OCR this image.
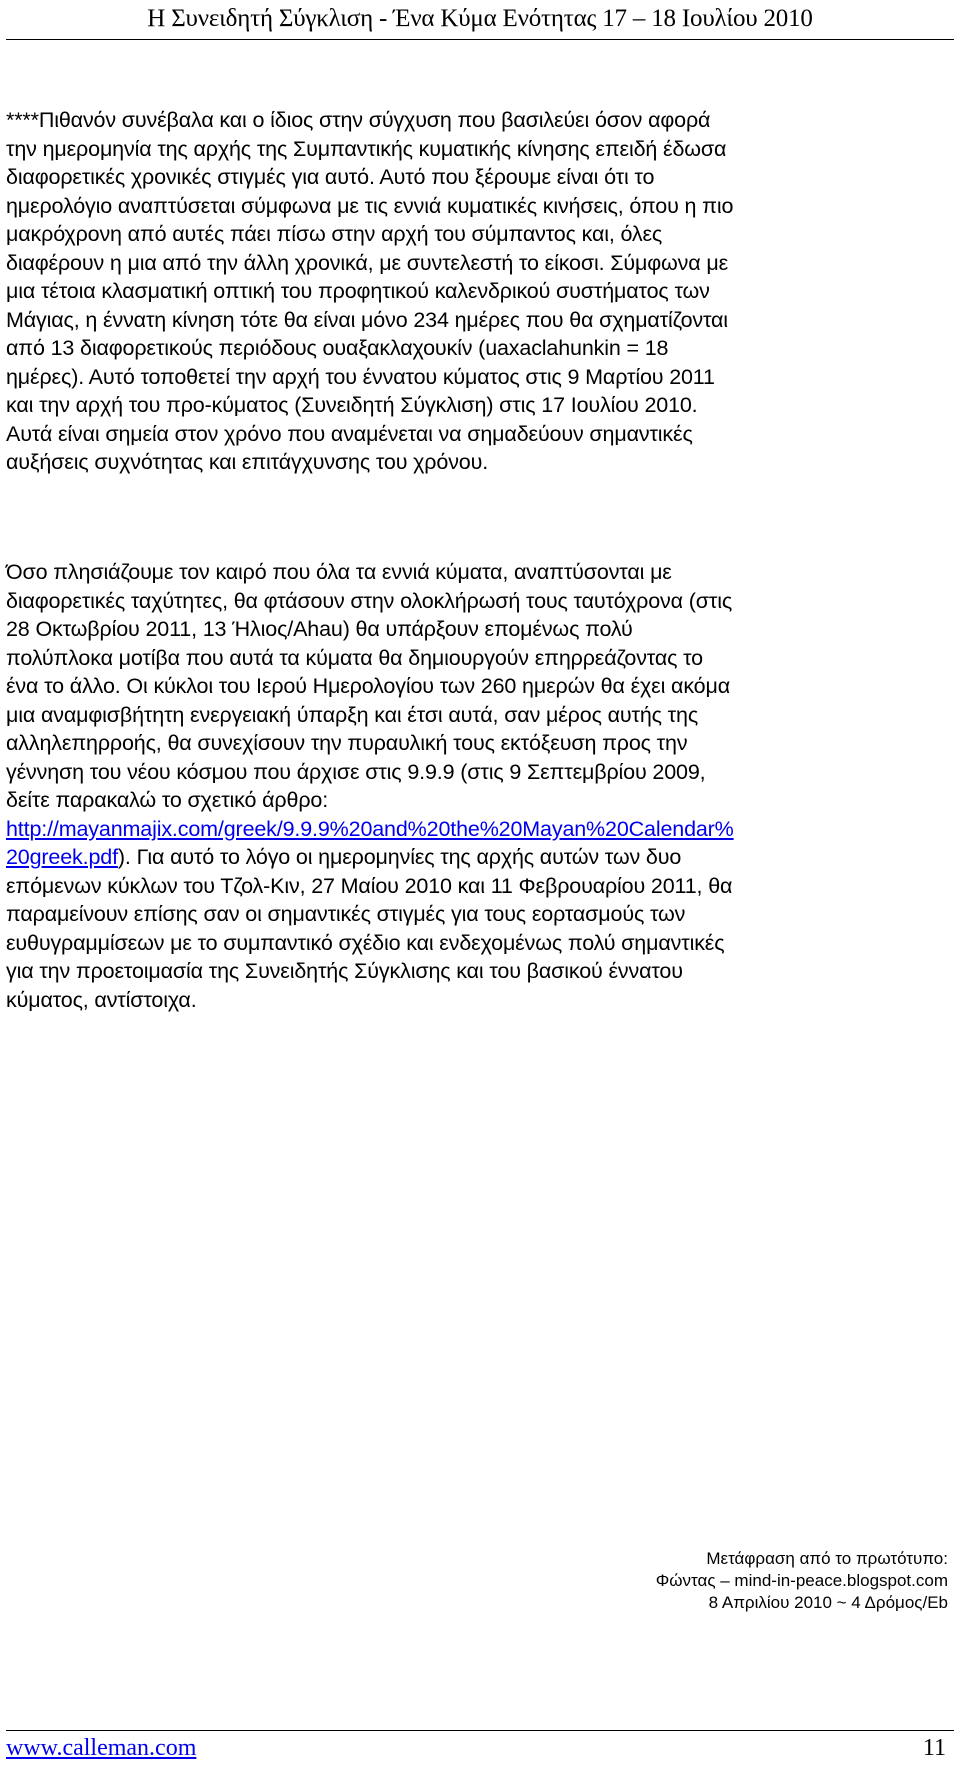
Η Συνειδητή Σύγκλιση - Ένα Κύμα Ενότητας 17 – 18 Ιουλίου 2010
****Πιθανόν συνέβαλα και ο ίδιος στην σύγχυση που βασιλεύει όσον αφορά
την ημερομηνία της αρχής της Συμπαντικής κυματικής κίνησης επειδή έδωσα
διαφορετικές χρονικές στιγμές για αυτό. Αυτό που ξέρουμε είναι ότι το
ημερολόγιο αναπτύσεται σύμφωνα με τις εννιά κυματικές κινήσεις, όπου η πιο
μακρόχρονη από αυτές πάει πίσω στην αρχή του σύμπαντος και, όλες
διαφέρουν η μια από την άλλη χρονικά, με συντελεστή το είκοσι. Σύμφωνα με
μια τέτοια κλασματική οπτική του προφητικού καλενδρικού συστήματος των
Μάγιας, η έννατη κίνηση τότε θα είναι μόνο 234 ημέρες που θα σχηματίζονται
από 13 διαφορετικούς περιόδους ουαξακλαχουκίν (uaxaclahunkin = 18
ημέρες). Αυτό τοποθετεί την αρχή του έννατου κύματος στις 9 Μαρτίου 2011
και την αρχή του προ-κύματος (Συνειδητή Σύγκλιση) στις 17 Ιουλίου 2010.
Αυτά είναι σημεία στον χρόνο που αναμένεται να σημαδεύουν σημαντικές
αυξήσεις συχνότητας και επιτάγχυνσης του χρόνου.
Όσο πλησιάζουμε τον καιρό που όλα τα εννιά κύματα, αναπτύσονται με
διαφορετικές ταχύτητες, θα φτάσουν στην ολοκλήρωσή τους ταυτόχρονα (στις
28 Οκτωβρίου 2011, 13 Ήλιος/Ahau) θα υπάρξουν επομένως πολύ
πολύπλοκα μοτίβα που αυτά τα κύματα θα δημιουργούν επηρρεάζοντας το
ένα το άλλο. Οι κύκλοι του Ιερού Ημερολογίου των 260 ημερών θα έχει ακόμα
μια αναμφισβήτητη ενεργειακή ύπαρξη και έτσι αυτά, σαν μέρος αυτής της
αλληλεπηρροής, θα συνεχίσουν την πυραυλική τους εκτόξευση προς την
γέννηση του νέου κόσμου που άρχισε στις 9.9.9 (στις 9 Σεπτεμβρίου 2009,
δείτε παρακαλώ το σχετικό άρθρο:
http://mayanmajix.com/greek/9.9.9%20and%20the%20Mayan%20Calendar%
20greek.pdf). Για αυτό το λόγο οι ημερομηνίες της αρχής αυτών των δυο
επόμενων κύκλων του Τζολ-Κιν, 27 Μαίου 2010 και 11 Φεβρουαρίου 2011, θα
παραμείνουν επίσης σαν οι σημαντικές στιγμές για τους εορτασμούς των
ευθυγραμμίσεων με το συμπαντικό σχέδιο και ενδεχομένως πολύ σημαντικές
για την προετοιμασία της Συνειδητής Σύγκλισης και του βασικού έννατου
κύματος, αντίστοιχα.
Μετάφραση από το πρωτότυπο:
Φώντας – mind-in-peace.blogspot.com
8 Απριλίου 2010 ~ 4 Δρόμος/Eb
www.calleman.com	11
